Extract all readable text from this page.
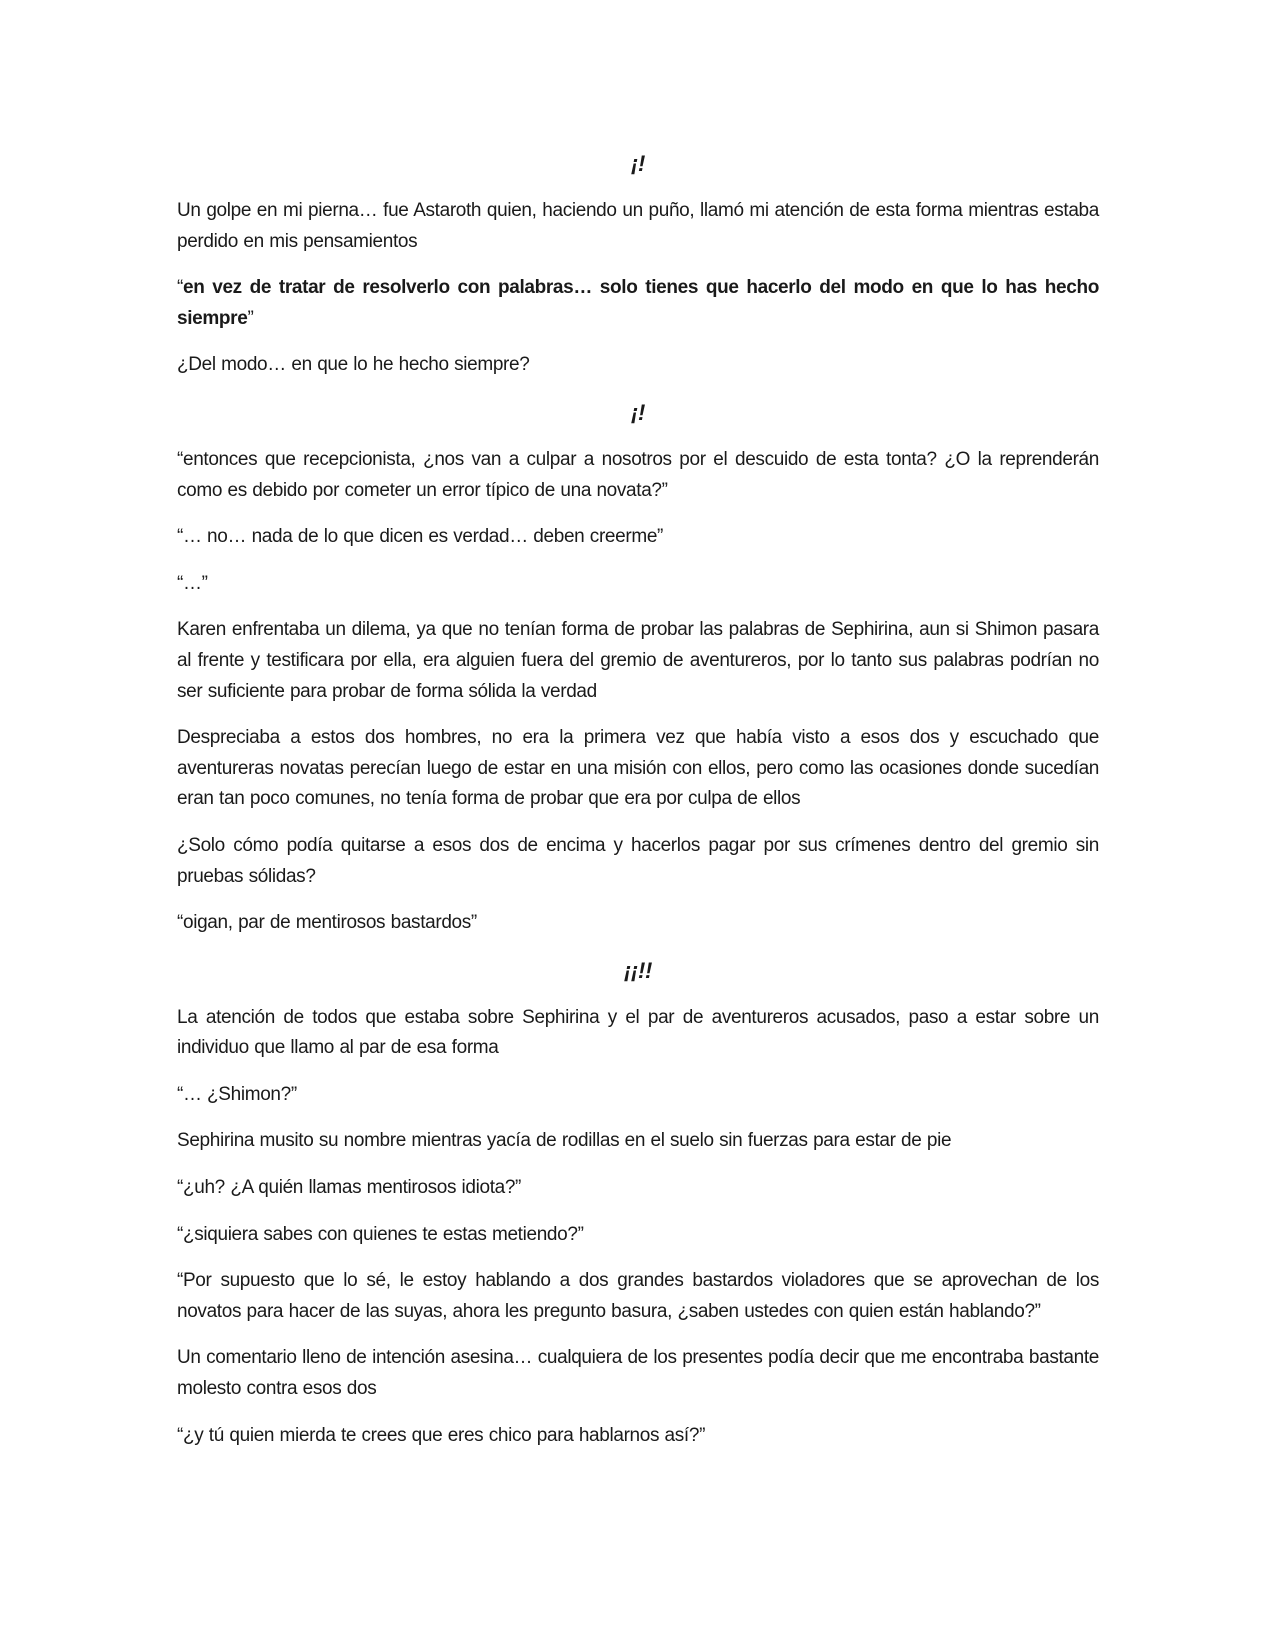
¡!

Un golpe en mi pierna… fue Astaroth quien, haciendo un puño, llamó mi atención de esta forma mientras estaba perdido en mis pensamientos

“en vez de tratar de resolverlo con palabras… solo tienes que hacerlo del modo en que lo has hecho siempre”

¿Del modo… en que lo he hecho siempre?

¡!

“entonces que recepcionista, ¿nos van a culpar a nosotros por el descuido de esta tonta? ¿O la reprenderán como es debido por cometer un error típico de una novata?”

“… no… nada de lo que dicen es verdad… deben creerme”

“…”

Karen enfrentaba un dilema, ya que no tenían forma de probar las palabras de Sephirina, aun si Shimon pasara al frente y testificara por ella, era alguien fuera del gremio de aventureros, por lo tanto sus palabras podrían no ser suficiente para probar de forma sólida la verdad

Despreciaba a estos dos hombres, no era la primera vez que había visto a esos dos y escuchado que aventureras novatas perecían luego de estar en una misión con ellos, pero como las ocasiones donde sucedían eran tan poco comunes, no tenía forma de probar que era por culpa de ellos

¿Solo cómo podía quitarse a esos dos de encima y hacerlos pagar por sus crímenes dentro del gremio sin pruebas sólidas?

“oigan, par de mentirosos bastardos”

¡¡!!

La atención de todos que estaba sobre Sephirina y el par de aventureros acusados, paso a estar sobre un individuo que llamo al par de esa forma

“… ¿Shimon?”

Sephirina musito su nombre mientras yacía de rodillas en el suelo sin fuerzas para estar de pie

“¿uh? ¿A quién llamas mentirosos idiota?”

“¿siquiera sabes con quienes te estas metiendo?”

“Por supuesto que lo sé, le estoy hablando a dos grandes bastardos violadores que se aprovechan de los novatos para hacer de las suyas, ahora les pregunto basura, ¿saben ustedes con quien están hablando?”

Un comentario lleno de intención asesina… cualquiera de los presentes podía decir que me encontraba bastante molesto contra esos dos

“¿y tú quien mierda te crees que eres chico para hablarnos así?”
